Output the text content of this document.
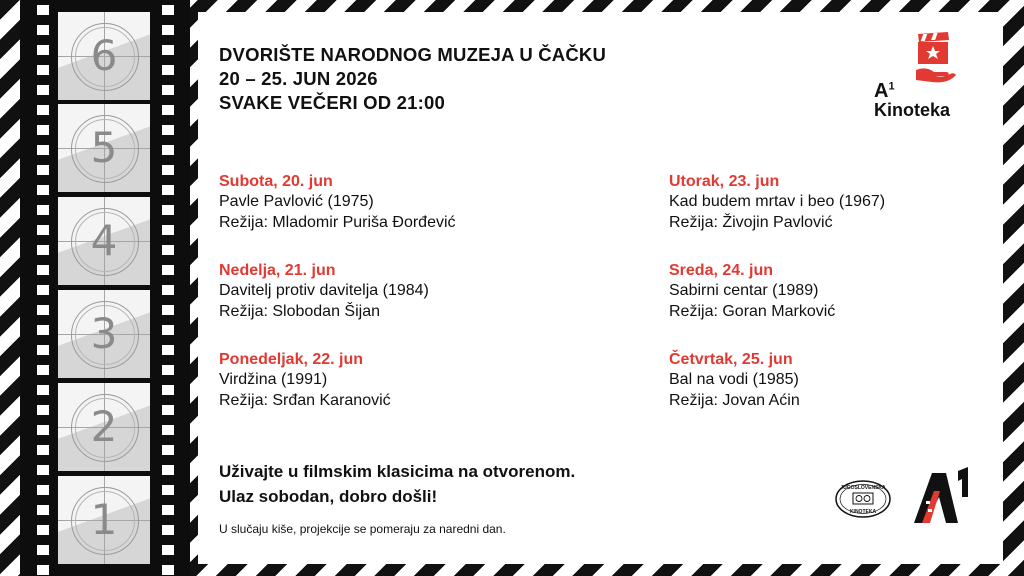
6
5
4
3
2
1
DVORIŠTE NARODNOG MUZEJA U ČAČKU
20 – 25. JUN 2026
SVAKE VEČERI OD 21:00
$A^1$
Kinoteka
Subota, 20. jun
Pavle Pavlović (1975)
Režija: Mladomir Puriša Đorđević
Nedelja, 21. jun
Davitelj protiv davitelja (1984)
Režija: Slobodan Šijan
Ponedeljak, 22. jun
Virdžina (1991)
Režija: Srđan Karanović
Utorak, 23. jun
Kad budem mrtav i beo (1967)
Režija: Živojin Pavlović
Sreda, 24. jun
Sabirni centar (1989)
Režija: Goran Marković
Četvrtak, 25. jun
Bal na vodi (1985)
Režija: Jovan Aćin
Uživajte u filmskim klasicima na otvorenom.
Ulaz sobodan, dobro došli!
U slučaju kiše, projekcije se pomeraju za naredni dan.
JUGOSLOVENSKA
KINOTEKA
